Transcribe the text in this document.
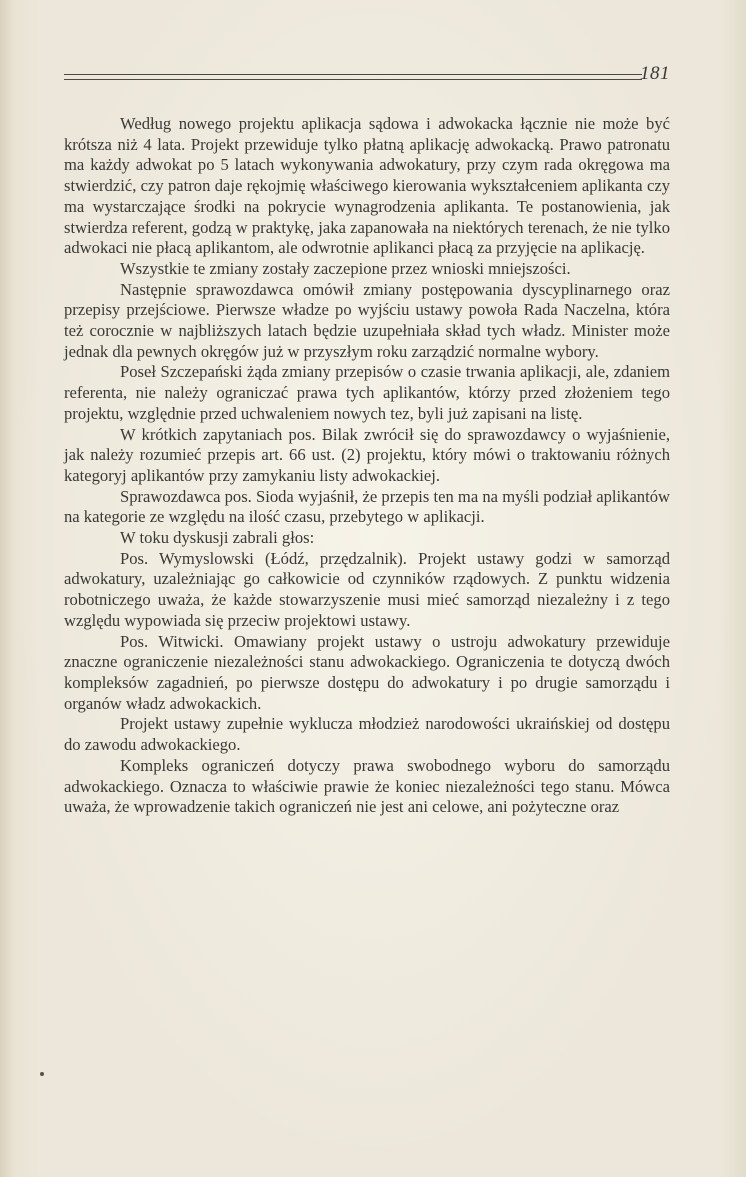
181

Według nowego projektu aplikacja sądowa i adwokacka łącznie nie może być krótsza niż 4 lata. Projekt przewiduje tylko płatną aplikację adwokacką. Prawo patronatu ma każdy adwokat po 5 latach wykonywania adwokatury, przy czym rada okręgowa ma stwierdzić, czy patron daje rękojmię właściwego kierowania wykształceniem aplikanta czy ma wystarczające środki na pokrycie wynagrodzenia aplikanta. Te postanowienia, jak stwierdza referent, godzą w praktykę, jaka zapanowała na niektórych terenach, że nie tylko adwokaci nie płacą aplikantom, ale odwrotnie aplikanci płacą za przyjęcie na aplikację.

Wszystkie te zmiany zostały zaczepione przez wnioski mniejszości.

Następnie sprawozdawca omówił zmiany postępowania dyscyplinarnego oraz przepisy przejściowe. Pierwsze władze po wyjściu ustawy powoła Rada Naczelna, która też corocznie w najbliższych latach będzie uzupełniała skład tych władz. Minister może jednak dla pewnych okręgów już w przyszłym roku zarządzić normalne wybory.

Poseł Szczepański żąda zmiany przepisów o czasie trwania aplikacji, ale, zdaniem referenta, nie należy ograniczać prawa tych aplikantów, którzy przed złożeniem tego projektu, względnie przed uchwaleniem nowych tez, byli już zapisani na listę.

W krótkich zapytaniach pos. Bilak zwrócił się do sprawozdawcy o wyjaśnienie, jak należy rozumieć przepis art. 66 ust. (2) projektu, który mówi o traktowaniu różnych kategoryj aplikantów przy zamykaniu listy adwokackiej.

Sprawozdawca pos. Sioda wyjaśnił, że przepis ten ma na myśli podział aplikantów na kategorie ze względu na ilość czasu, przebytego w aplikacji.

W toku dyskusji zabrali głos:

Pos. Wymyslowski (Łódź, przędzalnik). Projekt ustawy godzi w samorząd adwokatury, uzależniając go całkowicie od czynników rządowych. Z punktu widzenia robotniczego uważa, że każde stowarzyszenie musi mieć samorząd niezależny i z tego względu wypowiada się przeciw projektowi ustawy.

Pos. Witwicki. Omawiany projekt ustawy o ustroju adwokatury przewiduje znaczne ograniczenie niezależności stanu adwokackiego. Ograniczenia te dotyczą dwóch kompleksów zagadnień, po pierwsze dostępu do adwokatury i po drugie samorządu i organów władz adwokackich.

Projekt ustawy zupełnie wyklucza młodzież narodowości ukraińskiej od dostępu do zawodu adwokackiego.

Kompleks ograniczeń dotyczy prawa swobodnego wyboru do samorządu adwokackiego. Oznacza to właściwie prawie że koniec niezależności tego stanu. Mówca uważa, że wprowadzenie takich ograniczeń nie jest ani celowe, ani pożyteczne oraz
